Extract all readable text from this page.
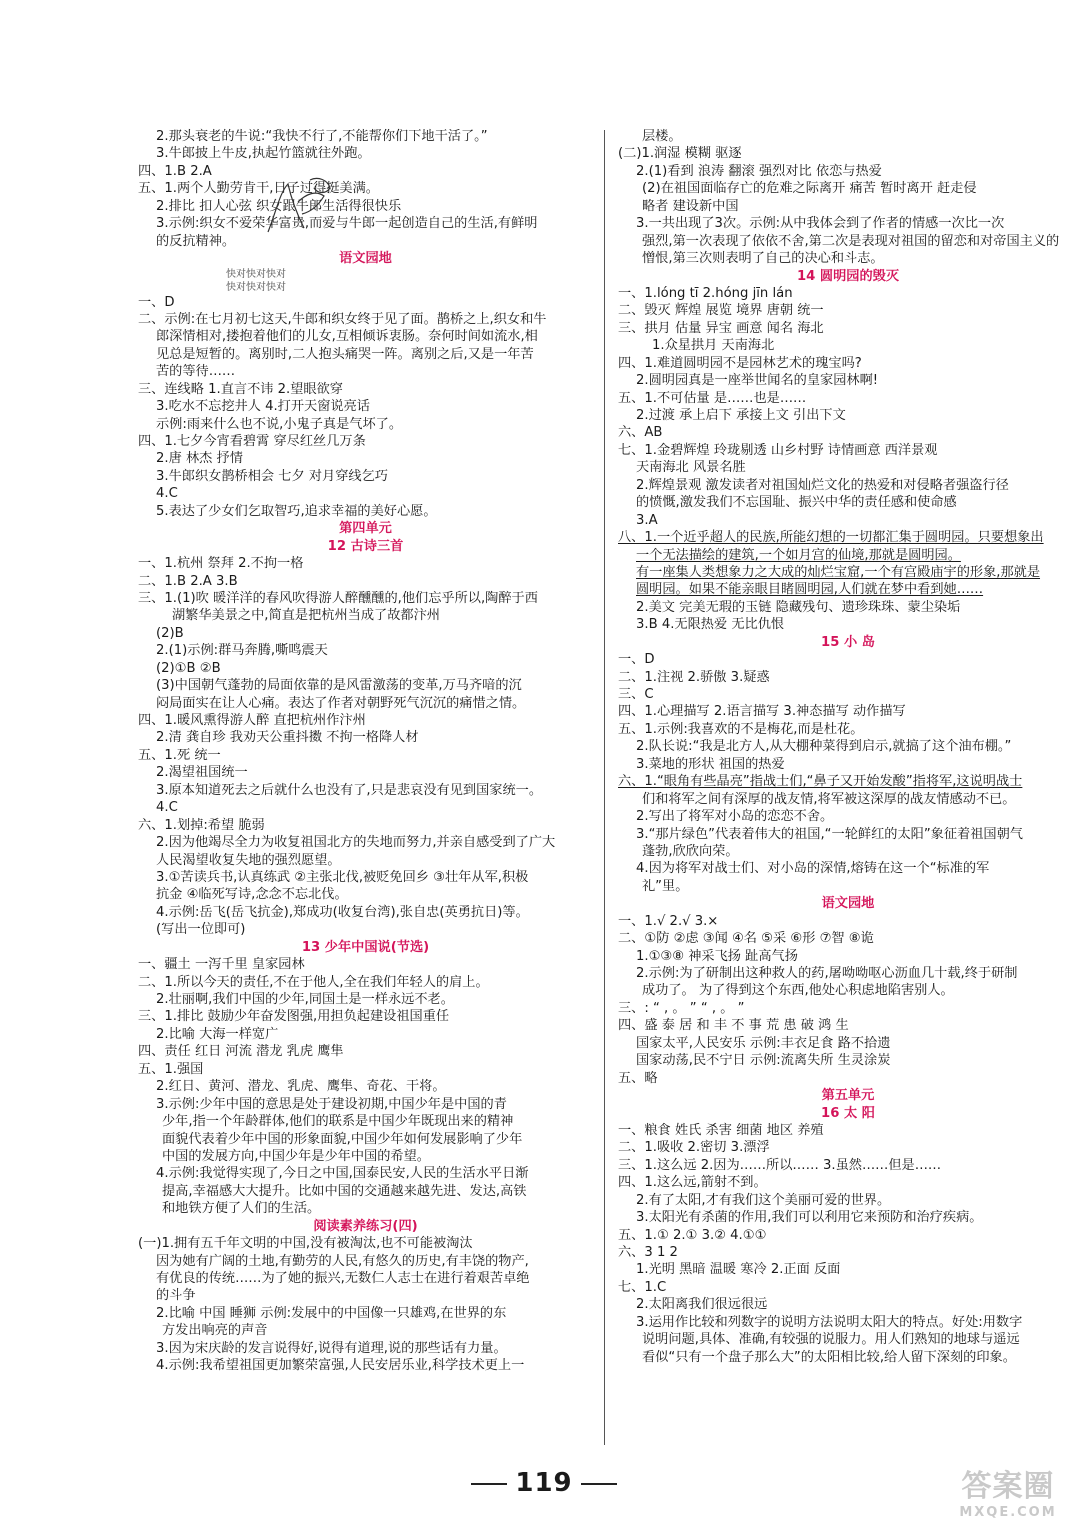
2.那头衰老的牛说:“我快不行了,不能帮你们下地干活了。”
3.牛郎披上牛皮,执起竹篮就往外跑。
四、1.B 2.A
五、1.两个人勤劳肯干,日子过得挺美满。
2.排比 扣人心弦 织女跟牛郎生活得很快乐
3.示例:织女不爱荣华富贵,而爱与牛郎一起创造自己的生活,有鲜明
的反抗精神。
语文园地
快对快对快对
快对快对快对
一、D
二、示例:在七月初七这天,牛郎和织女终于见了面。鹊桥之上,织女和牛
郎深情相对,搂抱着他们的儿女,互相倾诉衷肠。奈何时间如流水,相
见总是短暂的。离别时,二人抱头痛哭一阵。离别之后,又是一年苦
苦的等待……
三、连线略 1.直言不讳 2.望眼欲穿
3.吃水不忘挖井人 4.打开天窗说亮话
示例:雨来什么也不说,小鬼子真是气坏了。
四、1.七夕今宵看碧霄 穿尽红丝几万条
2.唐 林杰 抒情
3.牛郎织女鹊桥相会 七夕 对月穿线乞巧
4.C
5.表达了少女们乞取智巧,追求幸福的美好心愿。
第四单元
12 古诗三首
一、1.杭州 祭拜 2.不拘一格
二、1.B 2.A 3.B
三、1.(1)吹 暖洋洋的春风吹得游人醉醺醺的,他们忘乎所以,陶醉于西
湖繁华美景之中,简直是把杭州当成了故都汴州
(2)B
2.(1)示例:群马奔腾,嘶鸣震天
(2)①B ②B
(3)中国朝气蓬勃的局面依靠的是风雷激荡的变革,万马齐喑的沉
闷局面实在让人心痛。表达了作者对朝野死气沉沉的痛惜之情。
四、1.暖风熏得游人醉 直把杭州作汴州
2.清 龚自珍 我劝天公重抖擞 不拘一格降人材
五、1.死 统一
2.渴望祖国统一
3.原本知道死去之后就什么也没有了,只是悲哀没有见到国家统一。
4.C
六、1.划掉:希望 脆弱
2.因为他竭尽全力为收复祖国北方的失地而努力,并亲自感受到了广大
人民渴望收复失地的强烈愿望。
3.①苦读兵书,认真练武 ②主张北伐,被贬免回乡 ③壮年从军,积极
抗金 ④临死写诗,念念不忘北伐。
4.示例:岳飞(岳飞抗金),郑成功(收复台湾),张自忠(英勇抗日)等。
(写出一位即可)
13 少年中国说(节选)
一、疆土 一泻千里 皇家园林
二、1.所以今天的责任,不在于他人,全在我们年轻人的肩上。
2.壮丽啊,我们中国的少年,同国土是一样永远不老。
三、1.排比 鼓励少年奋发图强,用担负起建设祖国重任
2.比喻 大海一样宽广
四、责任 红日 河流 潜龙 乳虎 鹰隼
五、1.强国
2.红日、黄河、潜龙、乳虎、鹰隼、奇花、干将。
3.示例:少年中国的意思是处于建设初期,中国少年是中国的青
少年,指一个年龄群体,他们的联系是中国少年既现出来的精神
面貌代表着少年中国的形象面貌,中国少年如何发展影响了少年
中国的发展方向,中国少年是少年中国的希望。
4.示例:我觉得实现了,今日之中国,国泰民安,人民的生活水平日渐
提高,幸福感大大提升。比如中国的交通越来越先进、发达,高铁
和地铁方便了人们的生活。
阅读素养练习(四)
(一)1.拥有五千年文明的中国,没有被淘汰,也不可能被淘汰
因为她有广阔的土地,有勤劳的人民,有悠久的历史,有丰饶的物产,
有优良的传统……为了她的振兴,无数仁人志士在进行着艰苦卓绝
的斗争
2.比喻 中国 睡狮 示例:发展中的中国像一只雄鸡,在世界的东
方发出响亮的声音
3.因为宋庆龄的发言说得好,说得有道理,说的那些话有力量。
4.示例:我希望祖国更加繁荣富强,人民安居乐业,科学技术更上一
层楼。
(二)1.润湿 模糊 驱逐
2.(1)看到 浪涛 翻滚 强烈对比 依恋与热爱
(2)在祖国面临存亡的危难之际离开 痛苦 暂时离开 赶走侵
略者 建设新中国
3.一共出现了3次。示例:从中我体会到了作者的情感一次比一次
强烈,第一次表现了依依不舍,第二次是表现对祖国的留恋和对帝国主义的
憎恨,第三次则表明了自己的决心和斗志。
14 圆明园的毁灭
一、1.lóng tī 2.hóng jīn lán
二、毁灭 辉煌 展览 境界 唐朝 统一
三、拱月 估量 异宝 画意 闻名 海北
1.众星拱月 天南海北
四、1.难道圆明园不是园林艺术的瑰宝吗?
2.圆明园真是一座举世闻名的皇家园林啊!
五、1.不可估量 是……也是……
2.过渡 承上启下 承接上文 引出下文
六、AB
七、1.金碧辉煌 玲珑剔透 山乡村野 诗情画意 西洋景观
天南海北 风景名胜
2.辉煌景观 激发读者对祖国灿烂文化的热爱和对侵略者强盗行径
的愤慨,激发我们不忘国耻、振兴中华的责任感和使命感
3.A
八、1.一个近乎超人的民族,所能幻想的一切都汇集于圆明园。只要想象出
一个无法描绘的建筑,一个如月宫的仙境,那就是圆明园。
有一座集人类想象力之大成的灿烂宝窟,一个有宫殿庙宇的形象,那就是
圆明园。如果不能亲眼目睹圆明园,人们就在梦中看到她……
2.美文 完美无瑕的玉链 隐藏残句、遗珍珠珠、蒙尘染垢
3.B 4.无限热爱 无比仇恨
15 小 岛
一、D
二、1.注视 2.骄傲 3.疑惑
三、C
四、1.心理描写 2.语言描写 3.神态描写 动作描写
五、1.示例:我喜欢的不是梅花,而是杜花。
2.队长说:“我是北方人,从大棚种菜得到启示,就搞了这个油布棚。”
3.菜地的形状 祖国的热爱
六、1.“眼角有些晶亮”指战士们,“鼻子又开始发酸”指将军,这说明战士
们和将军之间有深厚的战友情,将军被这深厚的战友情感动不已。
2.写出了将军对小岛的恋恋不舍。
3.“那片绿色”代表着伟大的祖国,“一轮鲜红的太阳”象征着祖国朝气
蓬勃,欣欣向荣。
4.因为将军对战士们、对小岛的深情,熔铸在这一个“标准的军
礼”里。
语文园地
一、1.√ 2.√ 3.×
二、①防 ②虑 ③闻 ④名 ⑤采 ⑥形 ⑦智 ⑧诡
1.①③⑧ 神采飞扬 趾高气扬
2.示例:为了研制出这种救人的药,屠呦呦呕心沥血几十载,终于研制
成功了。 为了得到这个东西,他处心积虑地陷害别人。
三、: “ , 。 ” “ , 。 ”
四、盛 泰 居 和 丰 不 事 荒 患 破 鸿 生
国家太平,人民安乐 示例:丰衣足食 路不拾遗
国家动荡,民不宁日 示例:流离失所 生灵涂炭
五、略
第五单元
16 太 阳
一、粮食 姓氏 杀害 细菌 地区 养殖
二、1.吸收 2.密切 3.漂浮
三、1.这么远 2.因为……所以…… 3.虽然……但是……
四、1.这么远,箭射不到。
2.有了太阳,才有我们这个美丽可爱的世界。
3.太阳光有杀菌的作用,我们可以利用它来预防和治疗疾病。
五、1.① 2.① 3.② 4.①①
六、3 1 2
1.光明 黑暗 温暖 寒冷 2.正面 反面
七、1.C
2.太阳离我们很远很远
3.运用作比较和列数字的说明方法说明太阳大的特点。好处:用数字
说明问题,具体、准确,有较强的说服力。用人们熟知的地球与遥远
看似“只有一个盘子那么大”的太阳相比较,给人留下深刻的印象。
119	答案圈
MXQE.COM
